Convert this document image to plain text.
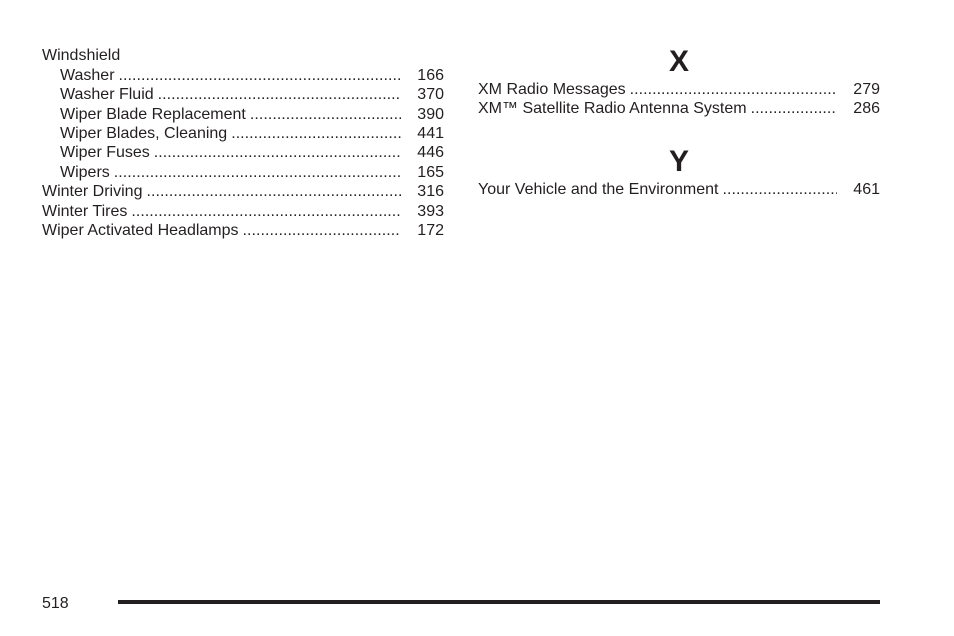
Windshield
Washer . . .	166
Washer Fluid . . .	370
Wiper Blade Replacement . . .	390
Wiper Blades, Cleaning . . .	441
Wiper Fuses . . .	446
Wipers . . .	165
Winter Driving . . .	316
Winter Tires . . .	393
Wiper Activated Headlamps . . .	172
X
XM Radio Messages . . .	279
XM™ Satellite Radio Antenna System . . .	286
Y
Your Vehicle and the Environment . . .	461
518
